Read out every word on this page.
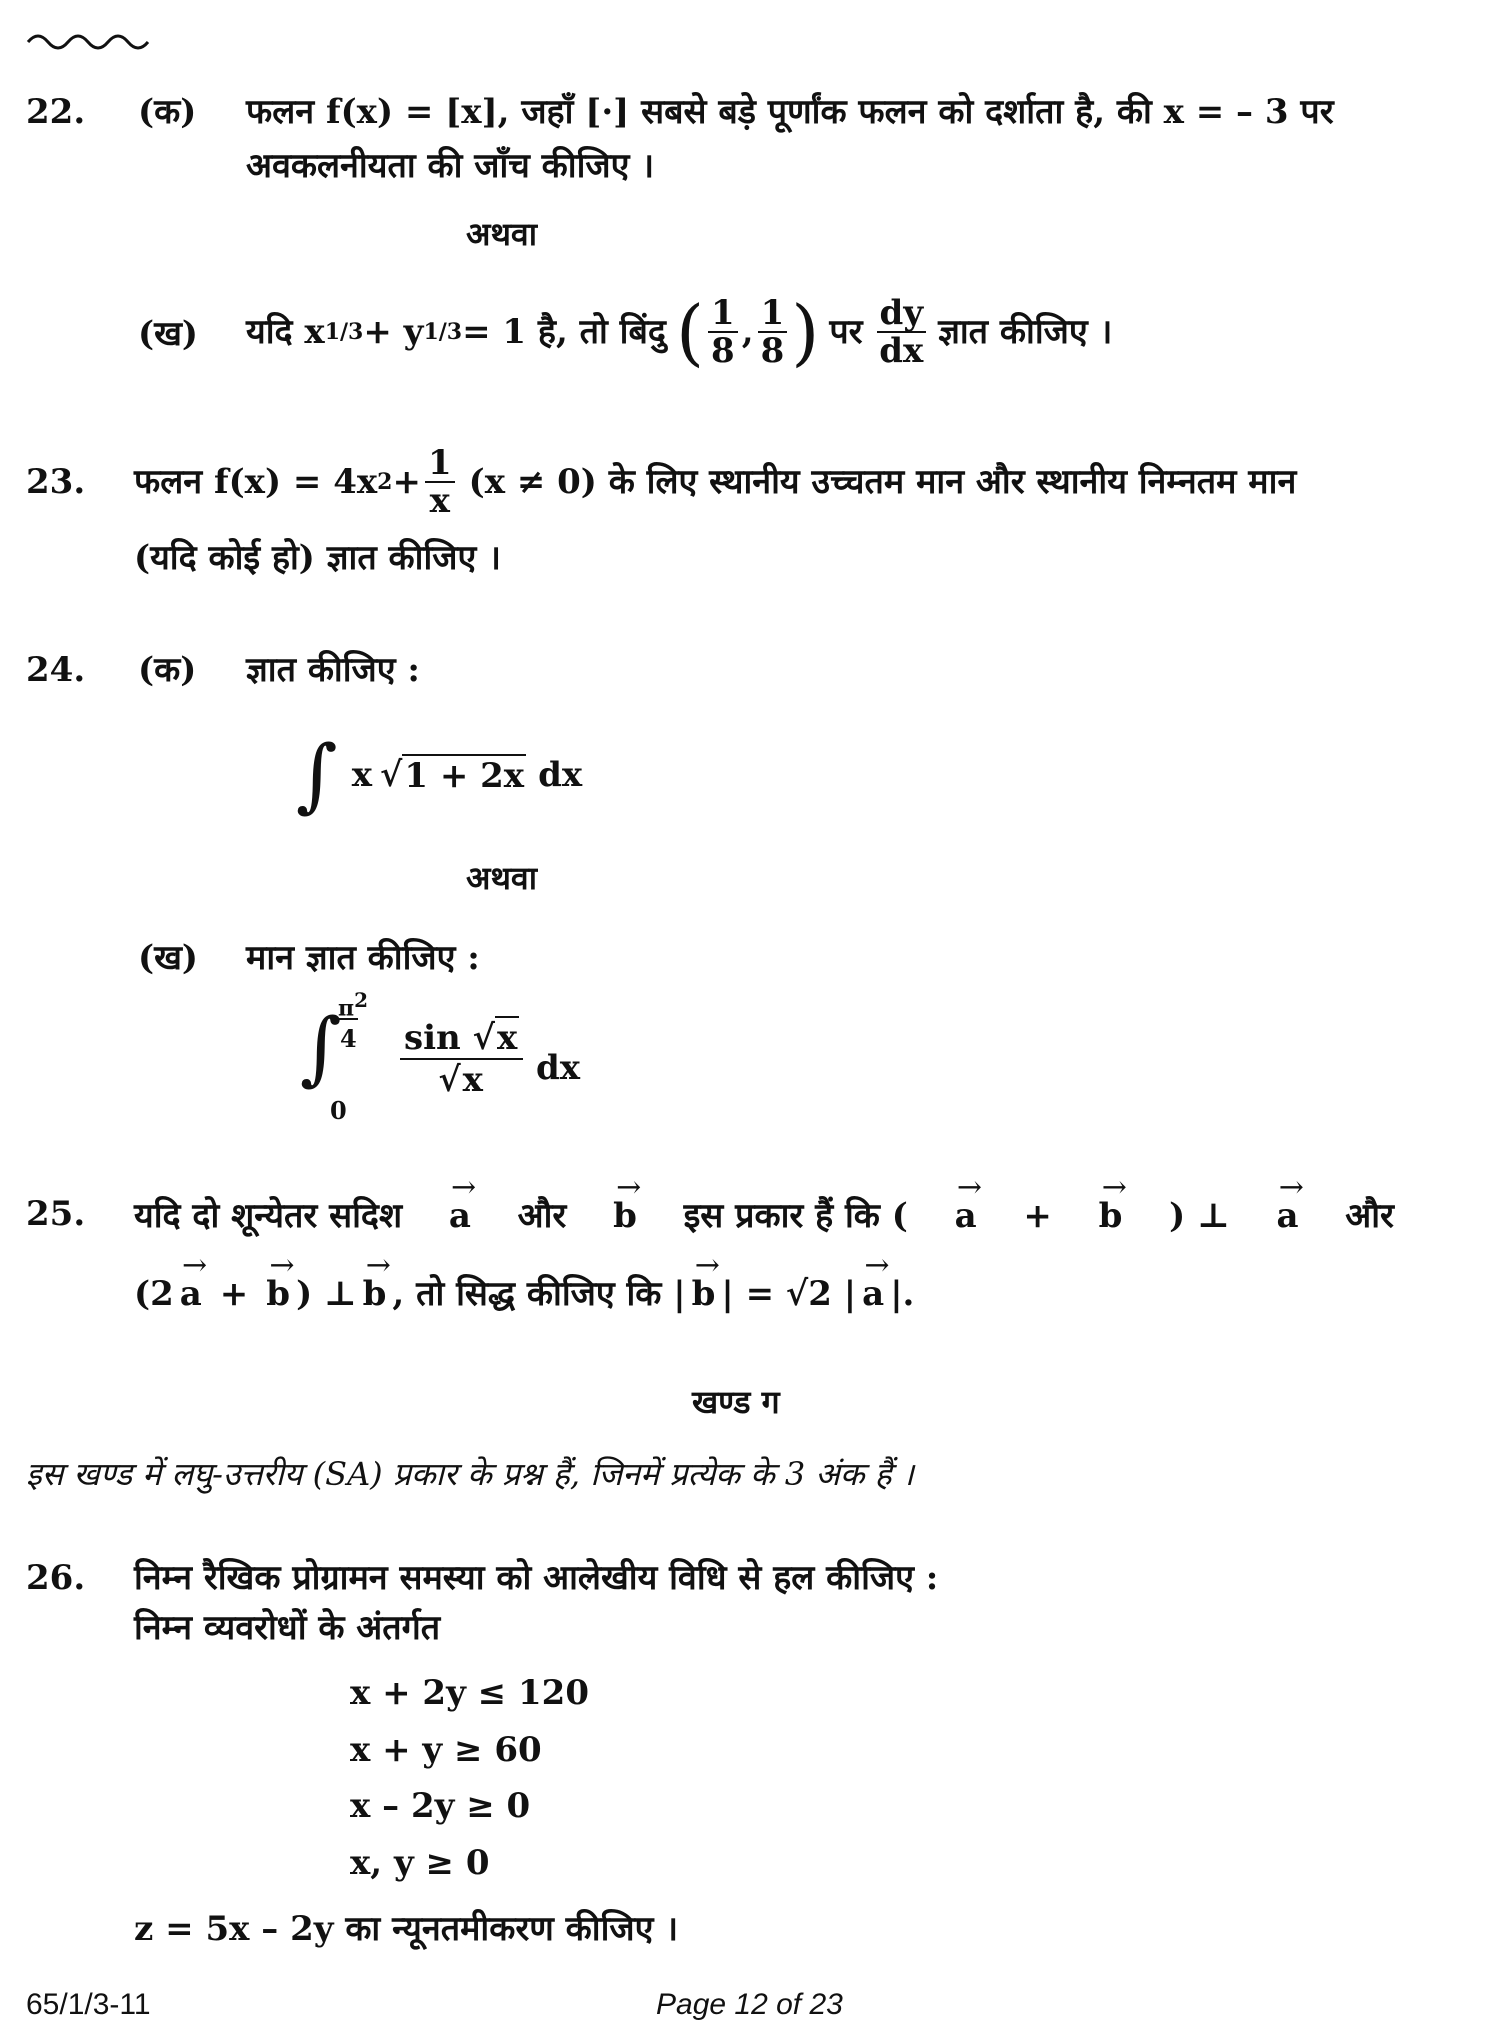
22. (क) फलन f(x) = [x], जहाँ [·] सबसे बड़े पूर्णांक फलन को दर्शाता है, की x = – 3 पर
अवकलनीयता की जाँच कीजिए ।
अथवा
(ख) यदि x 1/3 + y 1/3 = 1 है, तो बिंदु ( $\frac{1}{8}$ , $\frac{1}{8}$ ) पर $\frac{dy}{dx}$ ज्ञात कीजिए ।
23. फलन f(x) = 4x $2 + \frac{1}{x} (x \ne 0)$ के लिए स्थानीय उच्चतम मान और स्थानीय निम्नतम मान
(यदि कोई हो) ज्ञात कीजिए ।
24. (क) ज्ञात कीजिए :
∫ x √ 1 + 2x dx
अथवा
(ख) मान ज्ञात कीजिए :
∫
$\pi^2$
4
0
sin √x
√x dx
25. यदि दो शून्येतर सदिश → a और → b इस प्रकार हैं कि ( → a + → b ) ⊥ → a और
(2 → a + → b ) ⊥ → b , तो सिद्ध कीजिए कि | → b | = √2 | → a |.
खण्ड ग
इस खण्ड में लघु-उत्तरीय (SA) प्रकार के प्रश्न हैं, जिनमें प्रत्येक के 3 अंक हैं ।
26. निम्न रैखिक प्रोग्रामन समस्या को आलेखीय विधि से हल कीजिए :
निम्न व्यवरोधों के अंतर्गत
x + 2y ≤ 120
x + y ≥ 60
x – 2y ≥ 0
x, y ≥ 0
z = 5x – 2y का न्यूनतमीकरण कीजिए ।
65/1/3-11	Page 12 of 23
